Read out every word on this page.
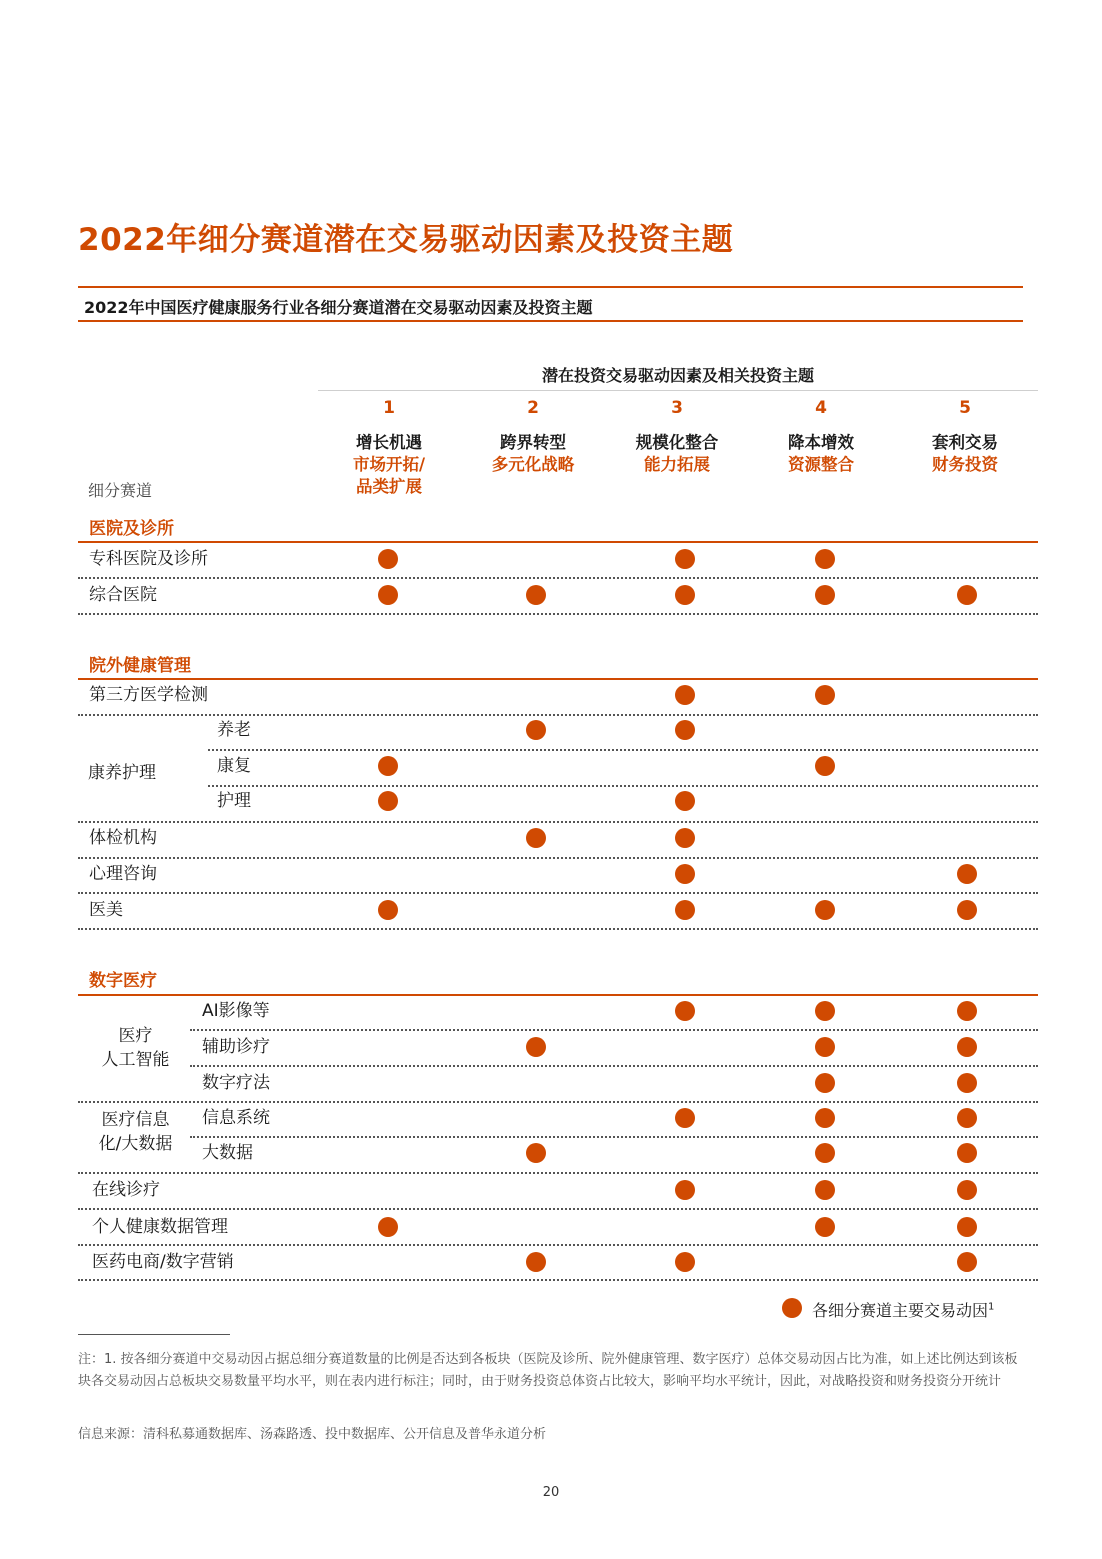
2022年细分赛道潜在交易驱动因素及投资主题
2022年中国医疗健康服务行业各细分赛道潜在交易驱动因素及投资主题
潜在投资交易驱动因素及相关投资主题
1
增长机遇
市场开拓/
品类扩展
2
跨界转型
多元化战略
3
规模化整合
能力拓展
4
降本增效
资源整合
5
套利交易
财务投资
细分赛道
医院及诊所
院外健康管理
数字医疗
康养护理
医疗
人工智能
医疗信息
化/大数据
专科医院及诊所
综合医院
第三方医学检测
养老
康复
护理
体检机构
心理咨询
医美
AI影像等
辅助诊疗
数字疗法
信息系统
大数据
在线诊疗
个人健康数据管理
医药电商/数字营销
各细分赛道主要交易动因$^1$
注：1. 按各细分赛道中交易动因占据总细分赛道数量的比例是否达到各板块（医院及诊所、院外健康管理、数字医疗）总体交易动因占比为准，如上述比例达到该板块各交易动因占总板块交易数量平均水平，则在表内进行标注；同时，由于财务投资总体资占比较大，影响平均水平统计，因此，对战略投资和财务投资分开统计
信息来源：清科私募通数据库、汤森路透、投中数据库、公开信息及普华永道分析
20
